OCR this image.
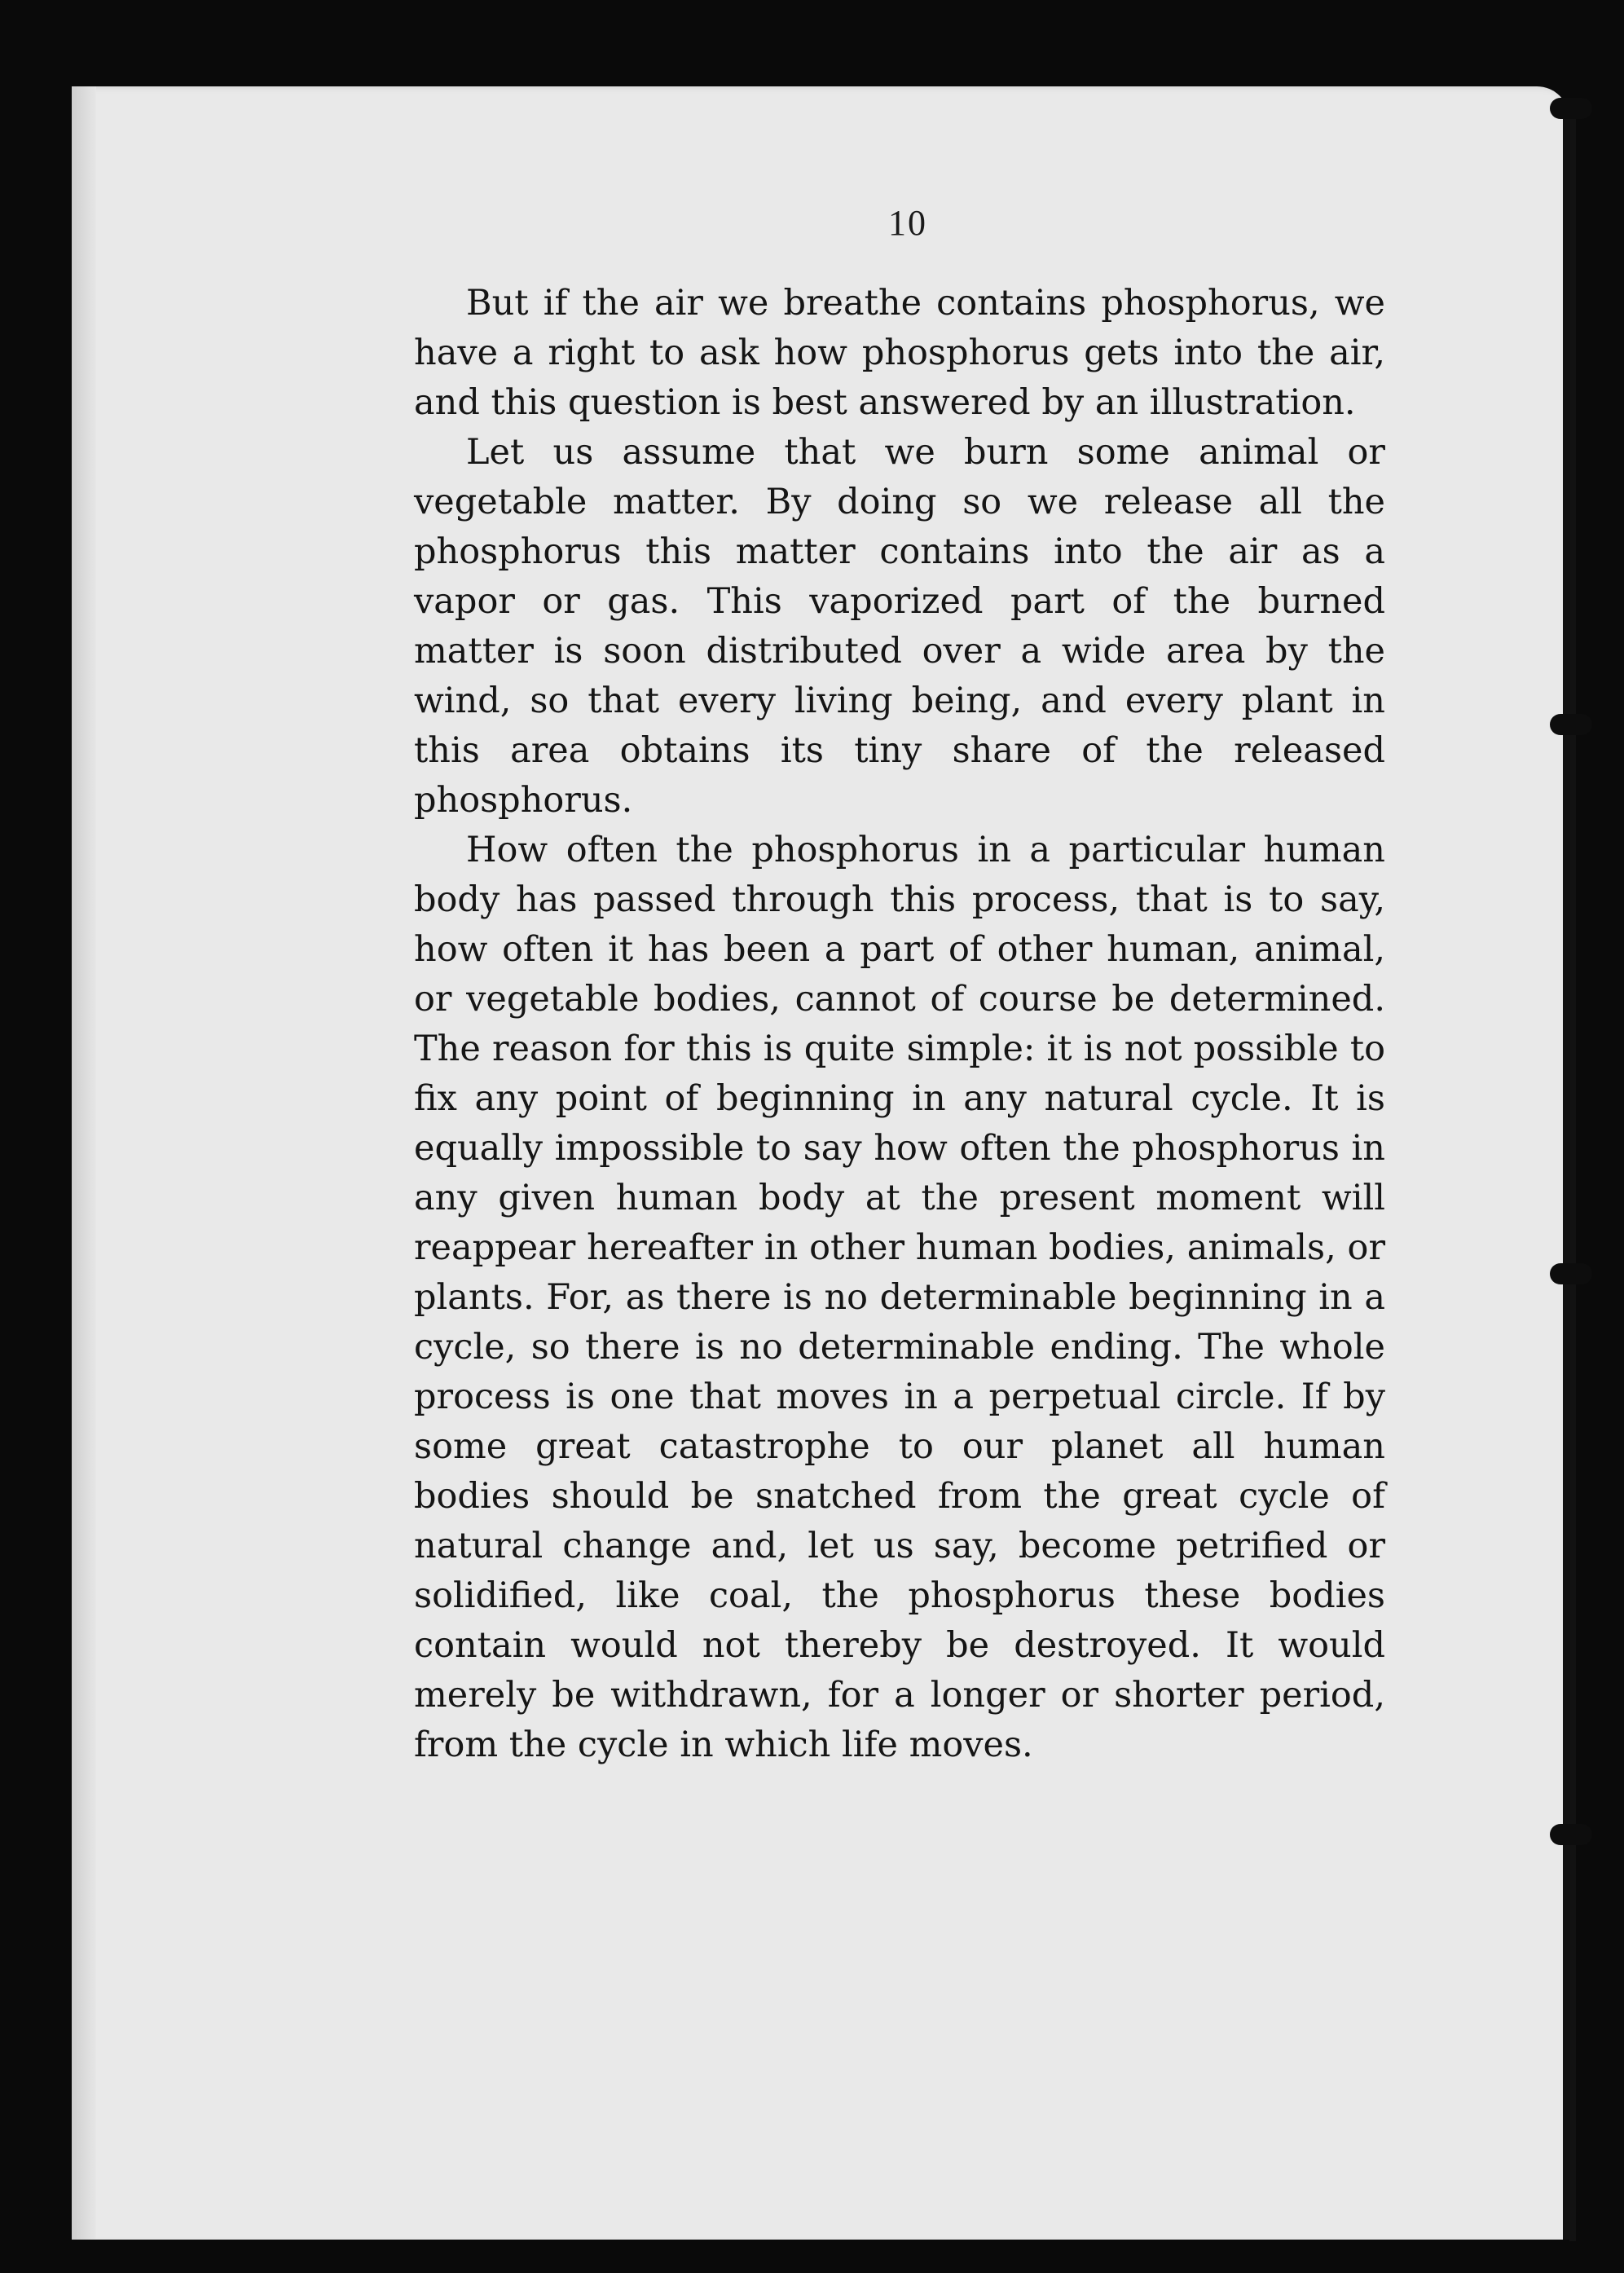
10

But if the air we breathe contains phosphorus, we have a right to ask how phosphorus gets into the air, and this question is best answered by an illustration.

Let us assume that we burn some animal or vegetable matter. By doing so we release all the phosphorus this matter contains into the air as a vapor or gas. This vaporized part of the burned matter is soon distributed over a wide area by the wind, so that every living being, and every plant in this area obtains its tiny share of the released phosphorus.

How often the phosphorus in a particular human body has passed through this process, that is to say, how often it has been a part of other human, animal, or vegetable bodies, cannot of course be determined. The reason for this is quite simple: it is not possible to fix any point of beginning in any natural cycle. It is equally impossible to say how often the phosphorus in any given human body at the present moment will reappear hereafter in other human bodies, animals, or plants. For, as there is no determinable beginning in a cycle, so there is no determinable ending. The whole process is one that moves in a perpetual circle. If by some great catastrophe to our planet all human bodies should be snatched from the great cycle of natural change and, let us say, become petrified or solidified, like coal, the phosphorus these bodies contain would not thereby be destroyed. It would merely be withdrawn, for a longer or shorter period, from the cycle in which life moves.
